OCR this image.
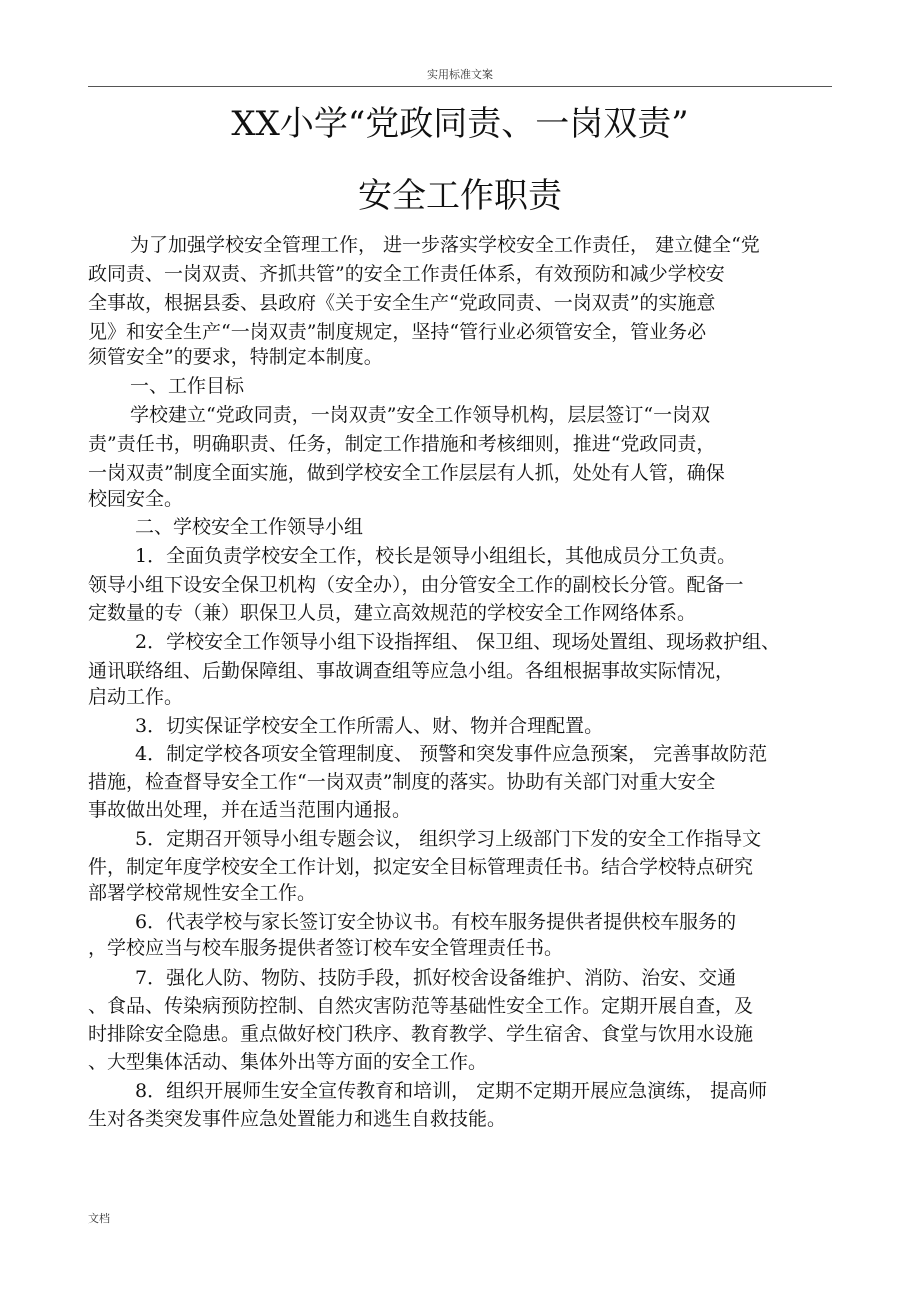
实用标准文案
XX小学“党政同责、一岗双责”
安全工作职责
为了加强学校安全管理工作， 进一步落实学校安全工作责任， 建立健全“党
政同责、一岗双责、齐抓共管”的安全工作责任体系，有效预防和减少学校安
全事故，根据县委、县政府《关于安全生产“党政同责、一岗双责”的实施意
见》和安全生产“一岗双责”制度规定，坚持“管行业必须管安全，管业务必
须管安全”的要求，特制定本制度。
一、工作目标
学校建立“党政同责，一岗双责”安全工作领导机构，层层签订“一岗双
责”责任书，明确职责、任务，制定工作措施和考核细则，推进“党政同责，
一岗双责”制度全面实施，做到学校安全工作层层有人抓，处处有人管，确保
校园安全。
二、学校安全工作领导小组
1．全面负责学校安全工作，校长是领导小组组长，其他成员分工负责。
领导小组下设安全保卫机构（安全办），由分管安全工作的副校长分管。配备一
定数量的专（兼）职保卫人员，建立高效规范的学校安全工作网络体系。
2．学校安全工作领导小组下设指挥组、 保卫组、现场处置组、现场救护组、
通讯联络组、后勤保障组、事故调查组等应急小组。各组根据事故实际情况，
启动工作。
3．切实保证学校安全工作所需人、财、物并合理配置。
4．制定学校各项安全管理制度、 预警和突发事件应急预案， 完善事故防范
措施，检查督导安全工作“一岗双责”制度的落实。协助有关部门对重大安全
事故做出处理，并在适当范围内通报。
5．定期召开领导小组专题会议， 组织学习上级部门下发的安全工作指导文
件，制定年度学校安全工作计划，拟定安全目标管理责任书。结合学校特点研究
部署学校常规性安全工作。
6．代表学校与家长签订安全协议书。有校车服务提供者提供校车服务的
，学校应当与校车服务提供者签订校车安全管理责任书。
7．强化人防、物防、技防手段，抓好校舍设备维护、消防、治安、交通
、食品、传染病预防控制、自然灾害防范等基础性安全工作。定期开展自查，及
时排除安全隐患。重点做好校门秩序、教育教学、学生宿舍、食堂与饮用水设施
、大型集体活动、集体外出等方面的安全工作。
8．组织开展师生安全宣传教育和培训， 定期不定期开展应急演练， 提高师
生对各类突发事件应急处置能力和逃生自救技能。
文档
